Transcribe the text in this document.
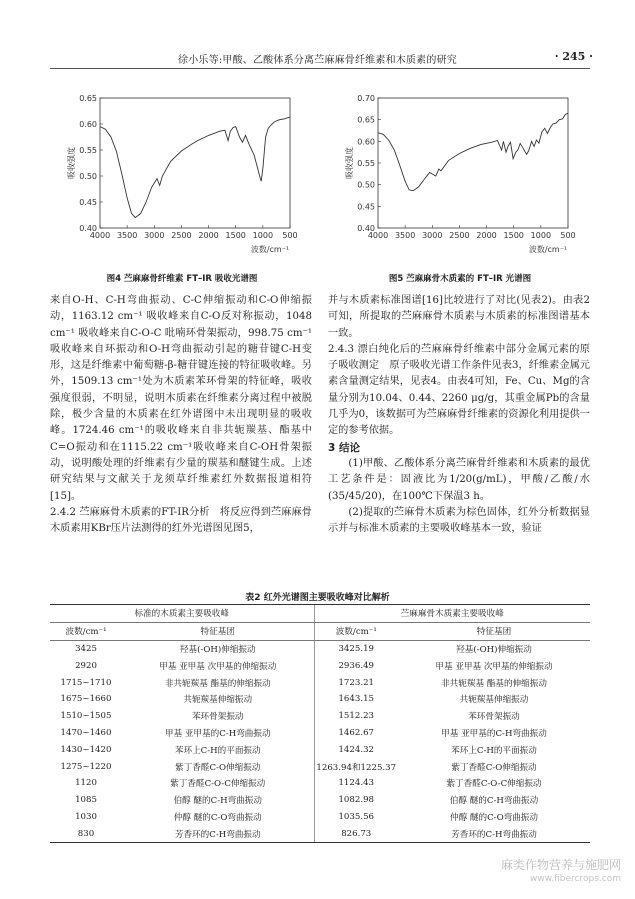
徐小乐等:甲酸、乙酸体系分离苎麻麻骨纤维素和木质素的研究	· 245 ·
4000 3500 3000 2500 2000 1500 1000 500
0.40
0.45
0.50
0.55
0.60
0.65
波数/cm⁻¹
吸收强度
图4 苎麻麻骨纤维素 FT–IR 吸收光谱图
4000 3500 3000 2500 2000 1500 1000 500
0.40
0.45
0.50
0.55
0.60
0.65
0.70
波数/cm⁻¹
吸收强度
图5 苎麻麻骨木质素的 FT–IR 光谱图

来自O-H、C-H弯曲振动、C-C伸缩振动和C-O伸缩振动，1163.12 cm⁻¹ 吸收峰来自C-O反对称振动，1048 cm⁻¹ 吸收峰来自C-O-C 吡喃环骨架振动，998.75 cm⁻¹吸收峰来自环振动和O-H弯曲振动引起的糖苷键C-H变形，这是纤维素中葡萄糖-β-糖苷键连接的特征吸收峰。另外，1509.13 cm⁻¹处为木质素苯环骨架的特征峰，吸收强度很弱，不明显，说明木质素在纤维素分离过程中被脱除，极少含量的木质素在红外谱图中未出现明显的吸收峰。1724.46 cm⁻¹的吸收峰来自非共轭羰基、酯基中C=O振动和在1115.22 cm⁻¹吸收峰来自C-OH骨架振动，说明酸处理的纤维素有少量的羰基和醚键生成。上述研究结果与文献关于龙须草纤维素红外数据报道相符[15]。

2.4.2 苎麻麻骨木质素的FT-IR分析　将反应得到苎麻麻骨木质素用KBr压片法测得的红外光谱图见图5，

并与木质素标准图谱[16]比较进行了对比(见表2)。由表2可知，所提取的苎麻麻骨木质素与木质素的标准图谱基本一致。

2.4.3 漂白纯化后的苎麻麻骨纤维素中部分金属元素的原子吸收测定　原子吸收光谱工作条件见表3，纤维素金属元素含量测定结果，见表4。由表4可知，Fe、Cu、Mg的含量分别为10.04、0.44、2260 μg/g，其重金属Pb的含量几乎为0，该数据可为苎麻麻骨纤维素的资源化利用提供一定的参考依据。

3 结论

(1)甲酸、乙酸体系分离苎麻骨纤维素和木质素的最优工艺条件是：固液比为1/20(g/mL)，甲酸/乙酸/水(35/45/20)，在100℃下保温3 h。

(2)提取的苎麻骨木质素为棕色固体，红外分析数据显示并与标准木质素的主要吸收峰基本一致，验证

表2 红外光谱图主要吸收峰对比解析
标准的木质素主要吸收峰		苎麻麻骨木质素主要吸收峰	
波数/cm⁻¹	特征基团	波数/cm⁻¹	特征基团
3425	羟基(-OH)伸缩振动	3425.19	羟基(-OH)伸缩振动
2920	甲基 亚甲基 次甲基的伸缩振动	2936.49	甲基 亚甲基 次甲基的伸缩振动
1715~1710	非共轭羰基 酯基的伸缩振动	1723.21	非共轭羰基 酯基的伸缩振动
1675~1660	共轭羰基伸缩振动	1643.15	共轭羰基伸缩振动
1510~1505	苯环骨架振动	1512.23	苯环骨架振动
1470~1460	甲基 亚甲基的C-H弯曲振动	1462.67	甲基 亚甲基的C-H弯曲振动
1430~1420	苯环上C-H的平面振动	1424.32	苯环上C-H的平面振动
1275~1220	紫丁香醛C-O伸缩振动	1263.94和1225.37	紫丁香醛C-O伸缩振动
1120	紫丁香醛C-O-C伸缩振动	1124.43	紫丁香醛C-O-C伸缩振动
1085	伯醇 醚的C-H弯曲振动	1082.98	伯醇 醚的C-H弯曲振动
1030	仲醇 醚的C-O弯曲振动	1035.56	仲醇 醚的C-O弯曲振动
830	芳香环的C-H弯曲振动	826.73	芳香环的C-H弯曲振动
麻类作物营养与施肥网
www.fibercrops.com
